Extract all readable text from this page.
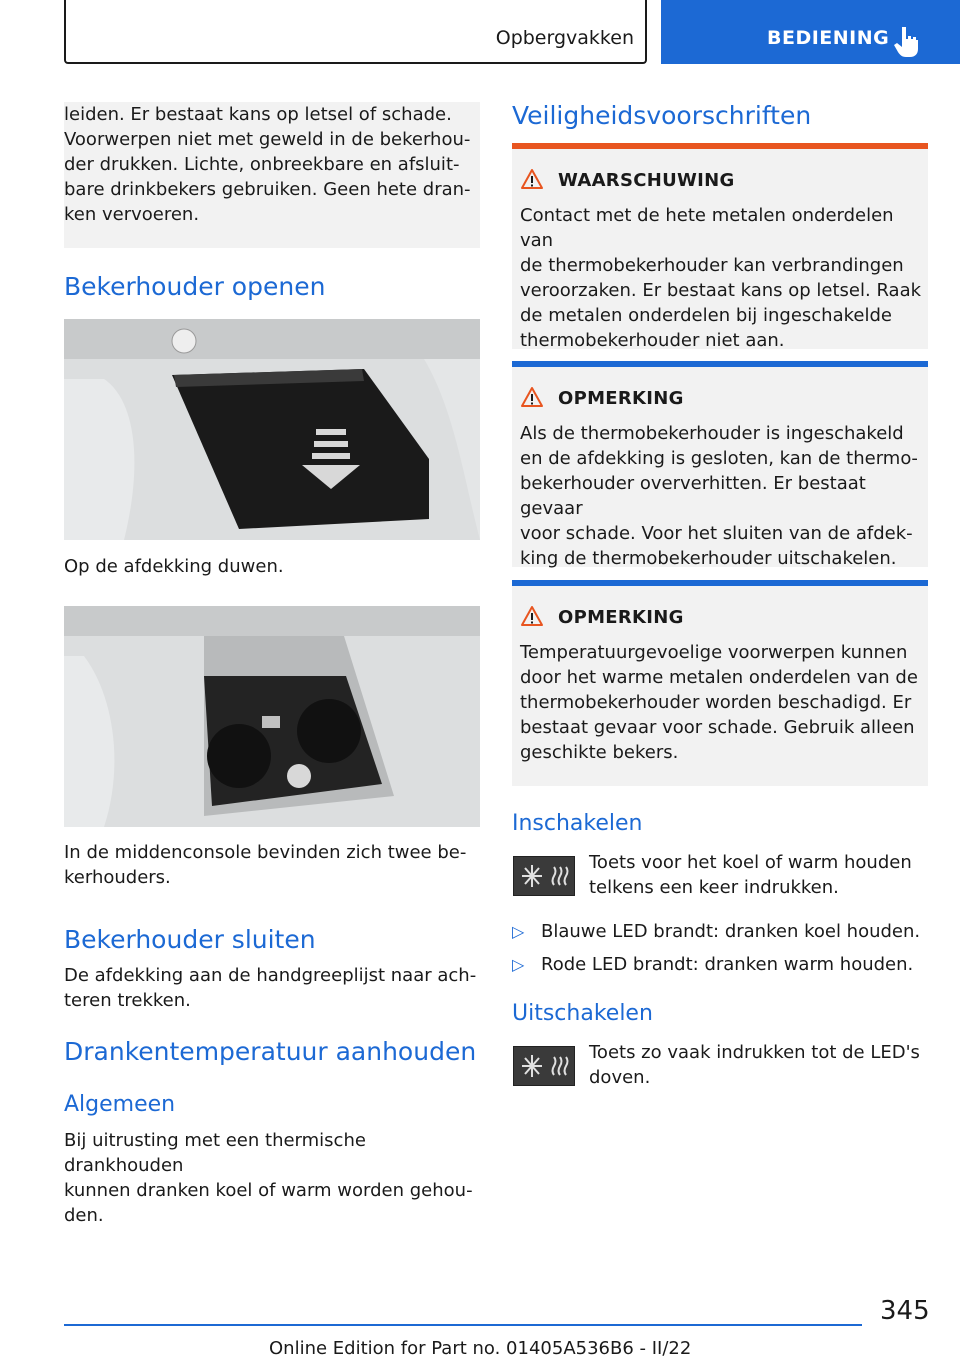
Opbergvakken	BEDIENING
leiden. Er bestaat kans op letsel of schade.
Voorwerpen niet met geweld in de bekerhou‐
der drukken. Lichte, onbreekbare en afsluit‐
bare drinkbekers gebruiken. Geen hete dran‐
ken vervoeren.
Bekerhouder openen
Op de afdekking duwen.
In de middenconsole bevinden zich twee be‐
kerhouders.
Bekerhouder sluiten
De afdekking aan de handgreeplijst naar ach‐
teren trekken.
Drankentemperatuur aanhouden
Algemeen
Bij uitrusting met een thermische drankhouden
kunnen dranken koel of warm worden gehou‐
den.
Veiligheidsvoorschriften
WAARSCHUWING
Contact met de hete metalen onderdelen van
de thermobekerhouder kan verbrandingen
veroorzaken. Er bestaat kans op letsel. Raak
de metalen onderdelen bij ingeschakelde
thermobekerhouder niet aan.
OPMERKING
Als de thermobekerhouder is ingeschakeld
en de afdekking is gesloten, kan de thermo‐
bekerhouder oververhitten. Er bestaat gevaar
voor schade. Voor het sluiten van de afdek‐
king de thermobekerhouder uitschakelen.
OPMERKING
Temperatuurgevoelige voorwerpen kunnen
door het warme metalen onderdelen van de
thermobekerhouder worden beschadigd. Er
bestaat gevaar voor schade. Gebruik alleen
geschikte bekers.
Inschakelen
Toets voor het koel of warm houden
telkens een keer indrukken.
▷ Blauwe LED brandt: dranken koel houden.
▷ Rode LED brandt: dranken warm houden.
Uitschakelen
Toets zo vaak indrukken tot de LED's
doven.
345
Online Edition for Part no. 01405A536B6 - II/22
